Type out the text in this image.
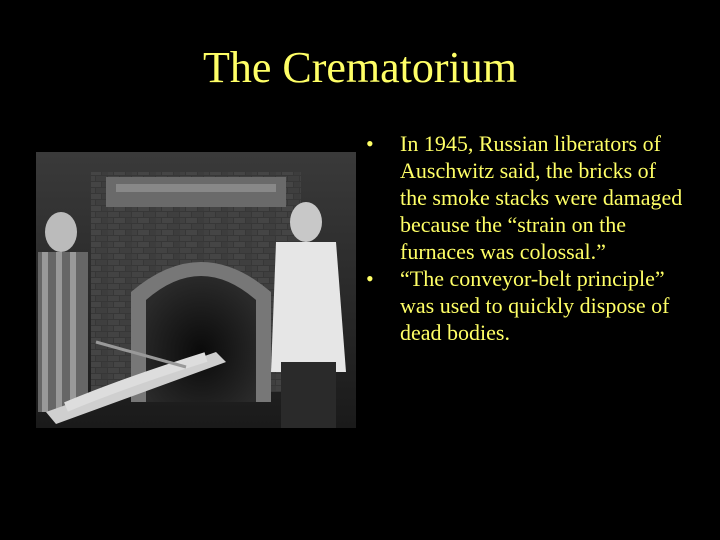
The Crematorium
•	In 1945, Russian liberators of Auschwitz said, the bricks of the smoke stacks were damaged because the “strain on the furnaces was colossal.”
•	“The conveyor-belt principle” was used to quickly dispose of dead bodies.
